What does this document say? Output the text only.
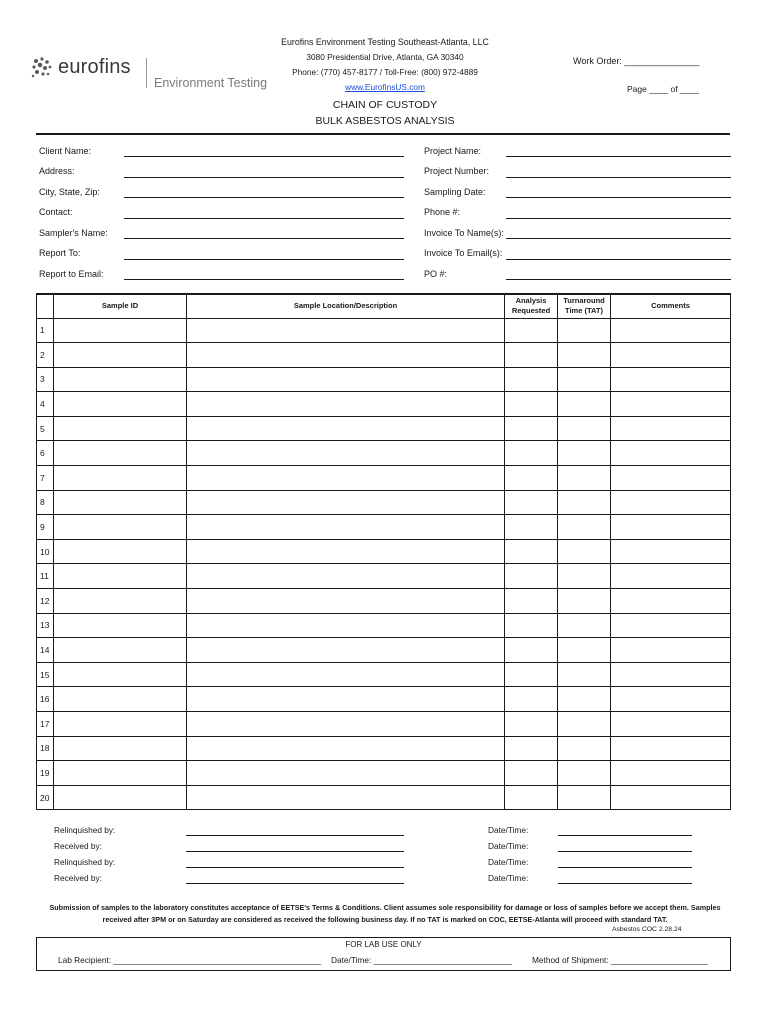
eurofins
Environment Testing
Eurofins Environment Testing Southeast-Atlanta, LLC
3080 Presidential Drive, Atlanta, GA 30340
Phone: (770) 457-8177 / Toll-Free: (800) 972-4889
www.EurofinsUS.com
Work Order: _______________
Page ____ of ____
CHAIN OF CUSTODY
BULK ASBESTOS ANALYSIS
Client Name:
Address:
City, State, Zip:
Contact:
Sampler's Name:
Report To:
Report to Email:
Project Name:
Project Number:
Sampling Date:
Phone #:
Invoice To Name(s):
Invoice To Email(s):
PO #:
	Sample ID	Sample Location/Description	Analysis Requested	Turnaround Time (TAT)	Comments
1					
2					
3					
4					
5					
6					
7					
8					
9					
10					
11					
12					
13					
14					
15					
16					
17					
18					
19					
20					
Relinquished by:	Date/Time:
Received by:	Date/Time:
Relinquished by:	Date/Time:
Received by:	Date/Time:
Submission of samples to the laboratory constitutes acceptance of EETSE's Terms & Conditions. Client assumes sole responsibility for damage or loss of samples before we accept them. Samples
received after 3PM or on Saturday are considered as received the following business day. If no TAT is marked on COC, EETSE-Atlanta will proceed with standard TAT.
Asbestos COC 2.28.24
FOR LAB USE ONLY
Lab Recipient: _____________________________________________ Date/Time: ______________________________ Method of Shipment: _____________________
